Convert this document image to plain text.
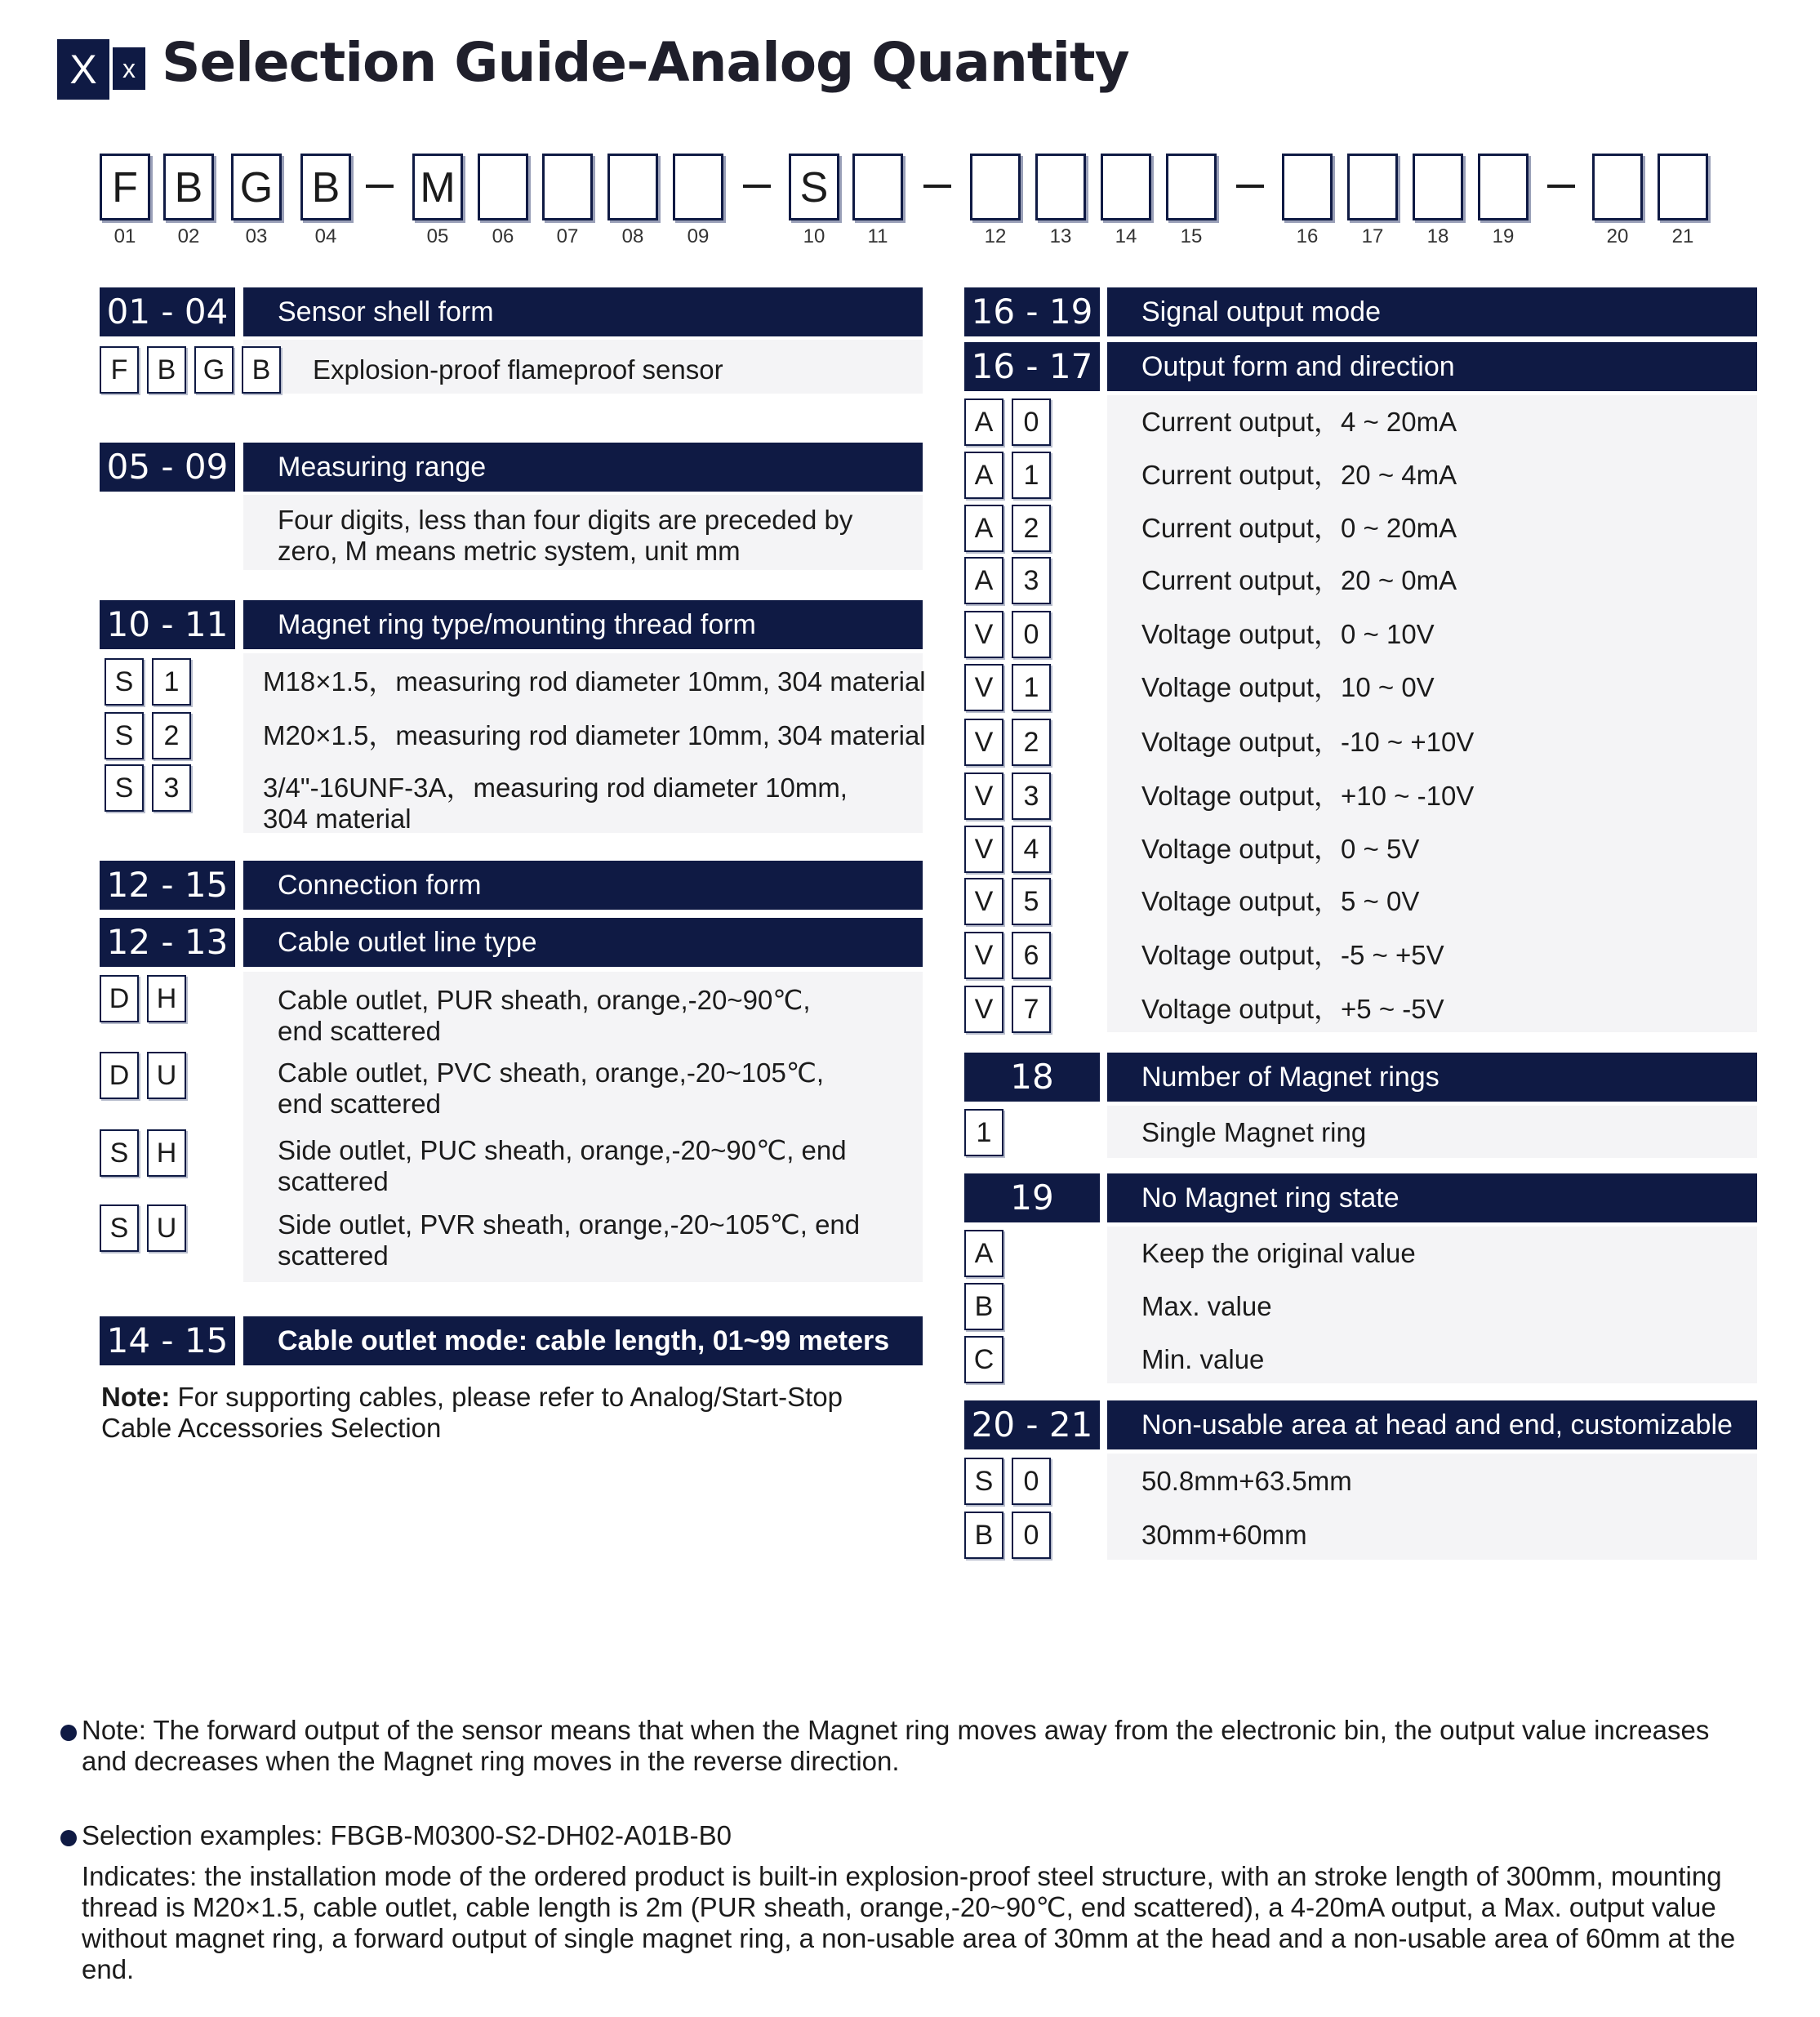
X x Selection Guide-Analog Quantity
F B G B M	S
01	02	03	04	05	06	07	08	09	10	11	12	13	14	15	16	17	18	19	20	21
01 - 04	Sensor shell form
F	B G B	Explosion-proof flameproof sensor
05 - 09	Measuring range
Four digits, less than four digits are preceded by
zero, M means metric system, unit mm
10 - 11	Magnet ring type/mounting thread form
S	1	M18×1.5，measuring rod diameter 10mm, 304 material
S	2	M20×1.5，measuring rod diameter 10mm, 304 material
S	3	3/4"-16UNF-3A，measuring rod diameter 10mm,
304 material
12 - 15	Connection form
12 - 13	Cable outlet line type
D H	Cable outlet, PUR sheath, orange,-20~90℃,
end scattered
D U	Cable outlet, PVC sheath, orange,-20~105℃,
end scattered
S	H	Side outlet, PUC sheath, orange,-20~90℃, end
scattered
S	U	Side outlet, PVR sheath, orange,-20~105℃, end
scattered
14 - 15	Cable outlet mode: cable length, 01~99 meters
Note: For supporting cables, please refer to Analog/Start-Stop
Cable Accessories Selection
16 - 19	Signal output mode
16 - 17	Output form and direction
A	0	Current output，4 ~ 20mA
A	1	Current output，20 ~ 4mA
A	2	Current output，0 ~ 20mA
A	3	Current output，20 ~ 0mA
V	0	Voltage output，0 ~ 10V
V	1	Voltage output，10 ~ 0V
V	2	Voltage output，-10 ~ +10V
V	3	Voltage output，+10 ~ -10V
V	4	Voltage output，0 ~ 5V
V	5	Voltage output，5 ~ 0V
V	6	Voltage output，-5 ~ +5V
V	7	Voltage output，+5 ~ -5V
18	Number of Magnet rings
1	Single Magnet ring
19	No Magnet ring state
A	Keep the original value
B	Max. value
C	Min. value
20 - 21	Non-usable area at head and end, customizable
S	0	50.8mm+63.5mm
B	0	30mm+60mm
Note: The forward output of the sensor means that when the Magnet ring moves away from the electronic bin, the output value increases
and decreases when the Magnet ring moves in the reverse direction.
Selection examples: FBGB-M0300-S2-DH02-A01B-B0
Indicates: the installation mode of the ordered product is built-in explosion-proof steel structure, with an stroke length of 300mm, mounting
thread is M20×1.5, cable outlet, cable length is 2m (PUR sheath, orange,-20~90℃, end scattered), a 4-20mA output, a Max. output value
without magnet ring, a forward output of single magnet ring, a non-usable area of 30mm at the head and a non-usable area of 60mm at the
end.
